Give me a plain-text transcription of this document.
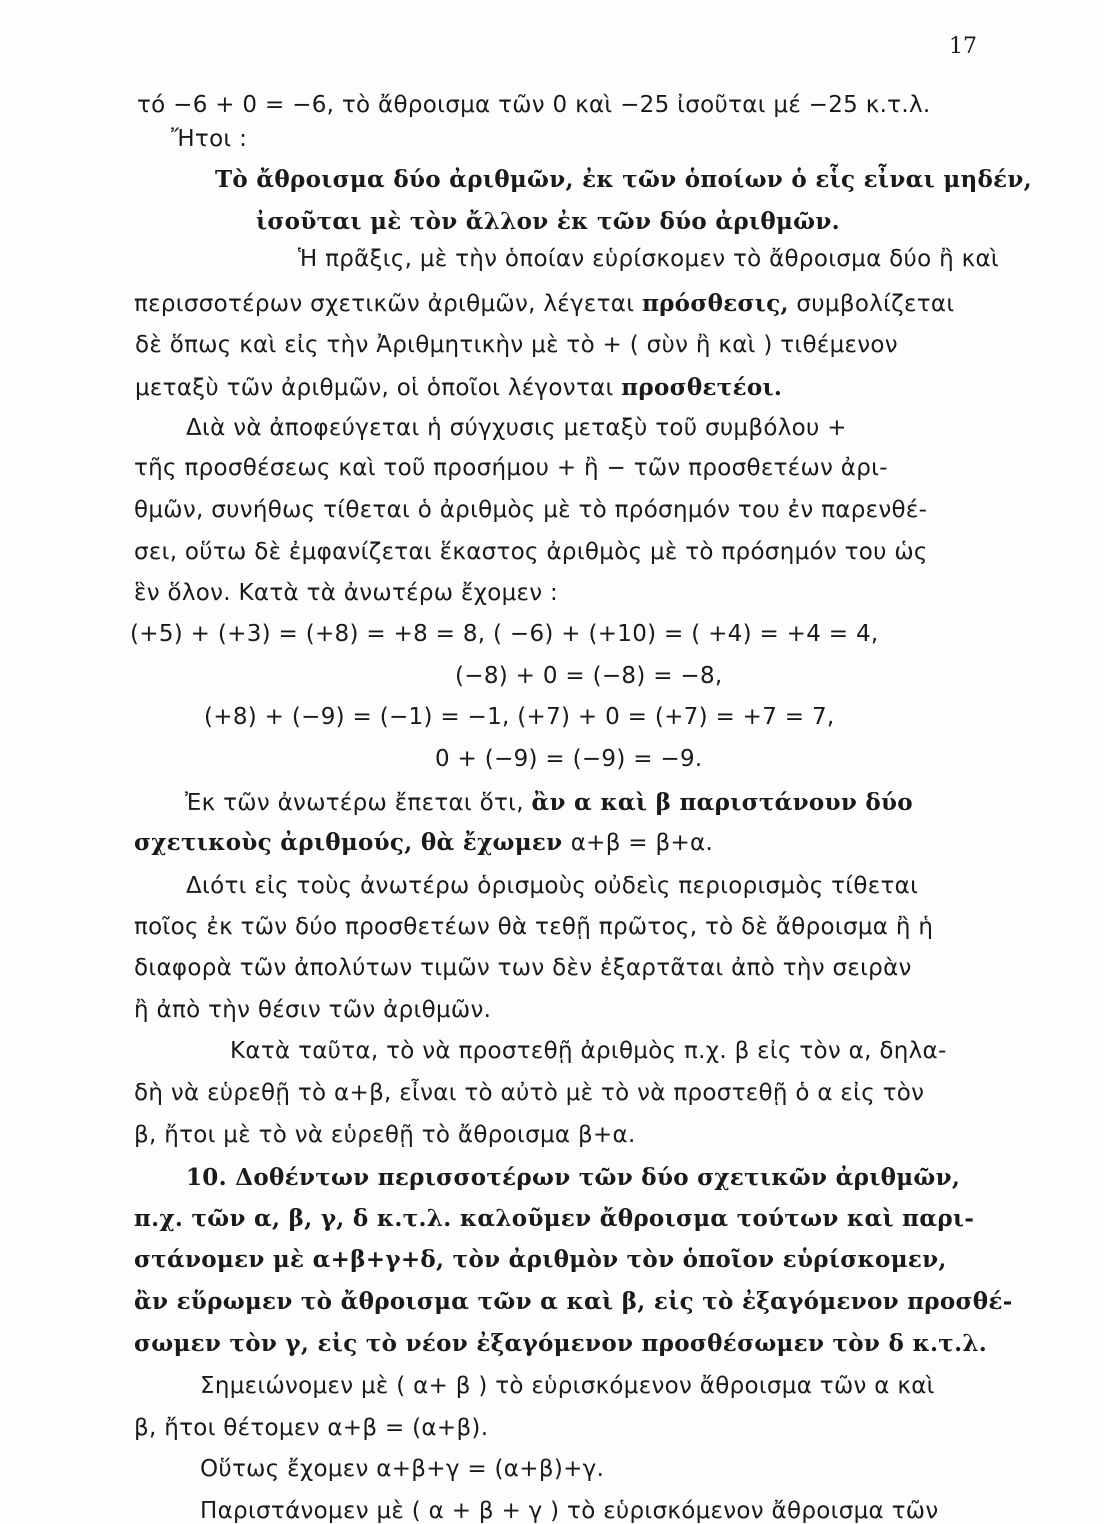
17
τό −6 + 0 = −6, τὸ ἄθροισμα τῶν 0 καὶ −25 ἰσοῦται μέ −25 κ.τ.λ.
Ἤτοι :
Τὸ ἄθροισμα δύο ἀριθμῶν, ἐκ τῶν ὁποίων ὁ εἷς εἶναι μηδέν,
ἰσοῦται μὲ τὸν ἄλλον ἐκ τῶν δύο ἀριθμῶν.
Ἡ πρᾶξις, μὲ τὴν ὁποίαν εὑρίσκομεν τὸ ἄθροισμα δύο ἢ καὶ
περισσοτέρων σχετικῶν ἀριθμῶν, λέγεται πρόσθεσις, συμβολίζεται
δὲ ὅπως καὶ εἰς τὴν Ἀριθμητικὴν μὲ τὸ + ( σὺν ἢ καὶ ) τιθέμενον
μεταξὺ τῶν ἀριθμῶν, οἱ ὁποῖοι λέγονται προσθετέοι.
Διὰ νὰ ἀποφεύγεται ἡ σύγχυσις μεταξὺ τοῦ συμβόλου +
τῆς προσθέσεως καὶ τοῦ προσήμου + ἢ − τῶν προσθετέων ἀρι-
θμῶν, συνήθως τίθεται ὁ ἀριθμὸς μὲ τὸ πρόσημόν του ἐν παρενθέ-
σει, οὕτω δὲ ἐμφανίζεται ἕκαστος ἀριθμὸς μὲ τὸ πρόσημόν του ὡς
ἓν ὅλον. Κατὰ τὰ ἀνωτέρω ἔχομεν :
(+5) + (+3) = (+8) = +8 = 8, ( −6) + (+10) = ( +4) = +4 = 4,
(−8) + 0 = (−8) = −8,
(+8) + (−9) = (−1) = −1, (+7) + 0 = (+7) = +7 = 7,
0 + (−9) = (−9) = −9.
Ἐκ τῶν ἀνωτέρω ἔπεται ὅτι, ἂν α καὶ β παριστάνουν δύο
σχετικοὺς ἀριθμούς, θὰ ἔχωμεν α+β = β+α.
Διότι εἰς τοὺς ἀνωτέρω ὁρισμοὺς οὐδεὶς περιορισμὸς τίθεται
ποῖος ἐκ τῶν δύο προσθετέων θὰ τεθῇ πρῶτος, τὸ δὲ ἄθροισμα ἢ ἡ
διαφορὰ τῶν ἀπολύτων τιμῶν των δὲν ἐξαρτᾶται ἀπὸ τὴν σειρὰν
ἢ ἀπὸ τὴν θέσιν τῶν ἀριθμῶν.
Κατὰ ταῦτα, τὸ νὰ προστεθῇ ἀριθμὸς π.χ. β εἰς τὸν α, δηλα-
δὴ νὰ εὑρεθῇ τὸ α+β, εἶναι τὸ αὐτὸ μὲ τὸ νὰ προστεθῇ ὁ α εἰς τὸν
β, ἤτοι μὲ τὸ νὰ εὑρεθῇ τὸ ἄθροισμα β+α.
10. Δοθέντων περισσοτέρων τῶν δύο σχετικῶν ἀριθμῶν,
π.χ. τῶν α, β, γ, δ κ.τ.λ. καλοῦμεν ἄθροισμα τούτων καὶ παρι-
στάνομεν μὲ α+β+γ+δ, τὸν ἀριθμὸν τὸν ὁποῖον εὑρίσκομεν,
ἂν εὕρωμεν τὸ ἄθροισμα τῶν α καὶ β, εἰς τὸ ἐξαγόμενον προσθέ-
σωμεν τὸν γ, εἰς τὸ νέον ἐξαγόμενον προσθέσωμεν τὸν δ κ.τ.λ.
Σημειώνομεν μὲ ( α+ β ) τὸ εὑρισκόμενον ἄθροισμα τῶν α καὶ
β, ἤτοι θέτομεν α+β = (α+β).
Οὕτως ἔχομεν α+β+γ = (α+β)+γ.
Παριστάνομεν μὲ ( α + β + γ ) τὸ εὑρισκόμενον ἄθροισμα τῶν
